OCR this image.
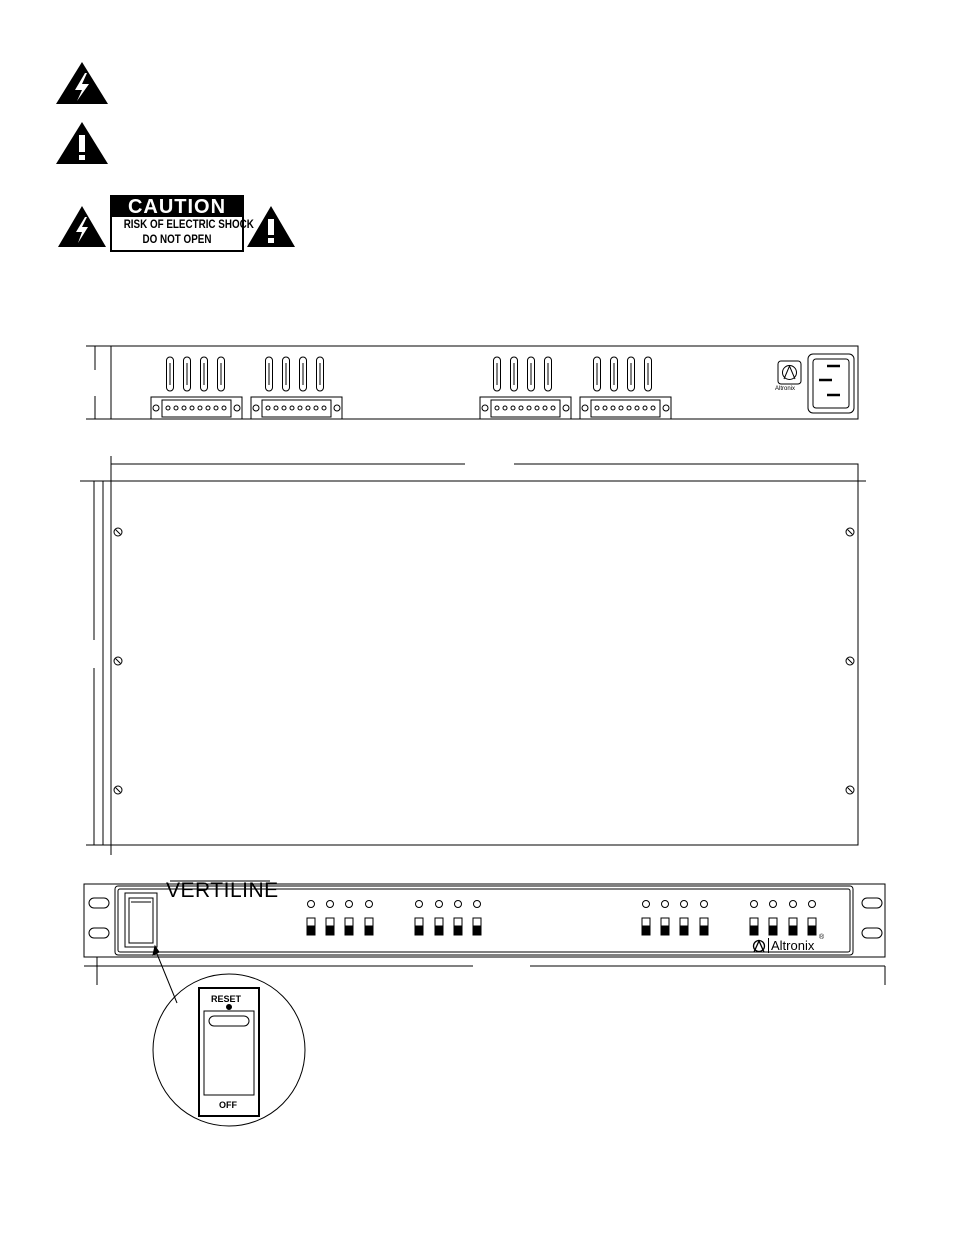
CAUTION
RISK OF ELECTRIC SHOCK
DO NOT OPEN
Altronix
VERTILINE
Altronix
®
RESET
OFF
